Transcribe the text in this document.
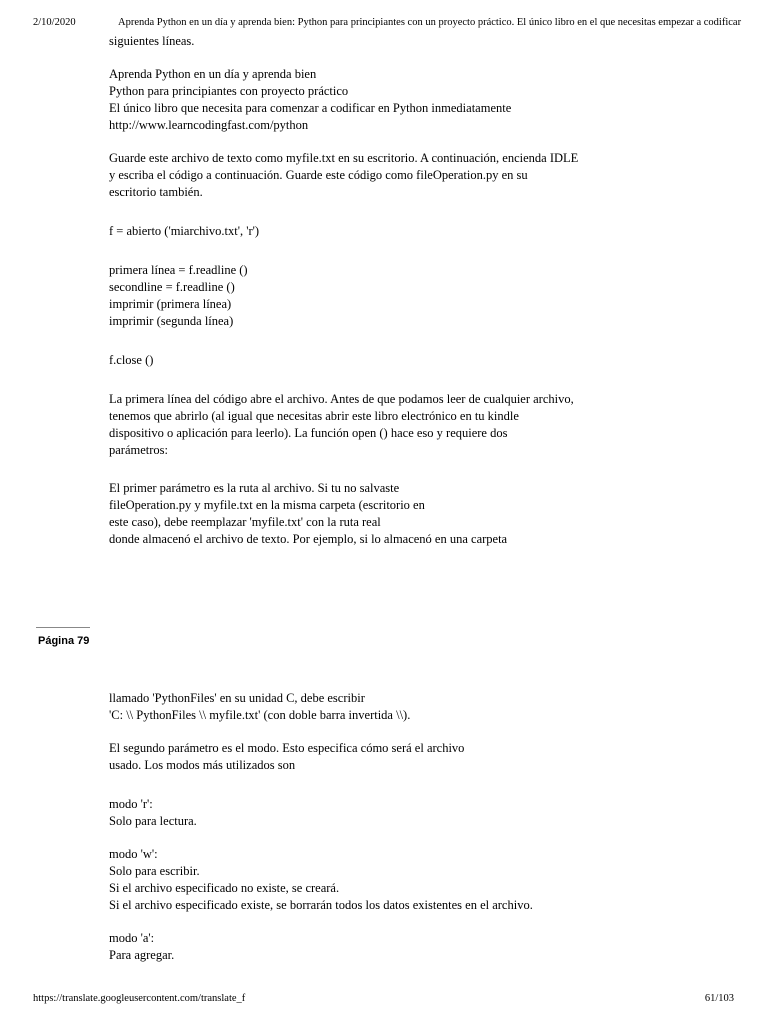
2/10/2020	Aprenda Python en un día y aprenda bien: Python para principiantes con un proyecto práctico. El único libro en el que necesitas empezar a codificar
siguientes líneas.
Aprenda Python en un día y aprenda bien
Python para principiantes con proyecto práctico
El único libro que necesita para comenzar a codificar en Python inmediatamente
http://www.learncodingfast.com/python
Guarde este archivo de texto como myfile.txt en su escritorio. A continuación, encienda IDLE
y escriba el código a continuación. Guarde este código como fileOperation.py en su
escritorio también.
f = abierto ('miarchivo.txt', 'r')
primera línea = f.readline ()
secondline = f.readline ()
imprimir (primera línea)
imprimir (segunda línea)
f.close ()
La primera línea del código abre el archivo. Antes de que podamos leer de cualquier archivo,
tenemos que abrirlo (al igual que necesitas abrir este libro electrónico en tu kindle
dispositivo o aplicación para leerlo). La función open () hace eso y requiere dos
parámetros:
El primer parámetro es la ruta al archivo. Si tu no salvaste
fileOperation.py y myfile.txt en la misma carpeta (escritorio en
este caso), debe reemplazar 'myfile.txt' con la ruta real
donde almacenó el archivo de texto. Por ejemplo, si lo almacenó en una carpeta
Página 79
llamado 'PythonFiles' en su unidad C, debe escribir
'C: \\ PythonFiles \\ myfile.txt' (con doble barra invertida \\).
El segundo parámetro es el modo. Esto especifica cómo será el archivo
usado. Los modos más utilizados son
modo 'r':
Solo para lectura.
modo 'w':
Solo para escribir.
Si el archivo especificado no existe, se creará.
Si el archivo especificado existe, se borrarán todos los datos existentes en el archivo.
modo 'a':
Para agregar.
https://translate.googleusercontent.com/translate_f	61/103
